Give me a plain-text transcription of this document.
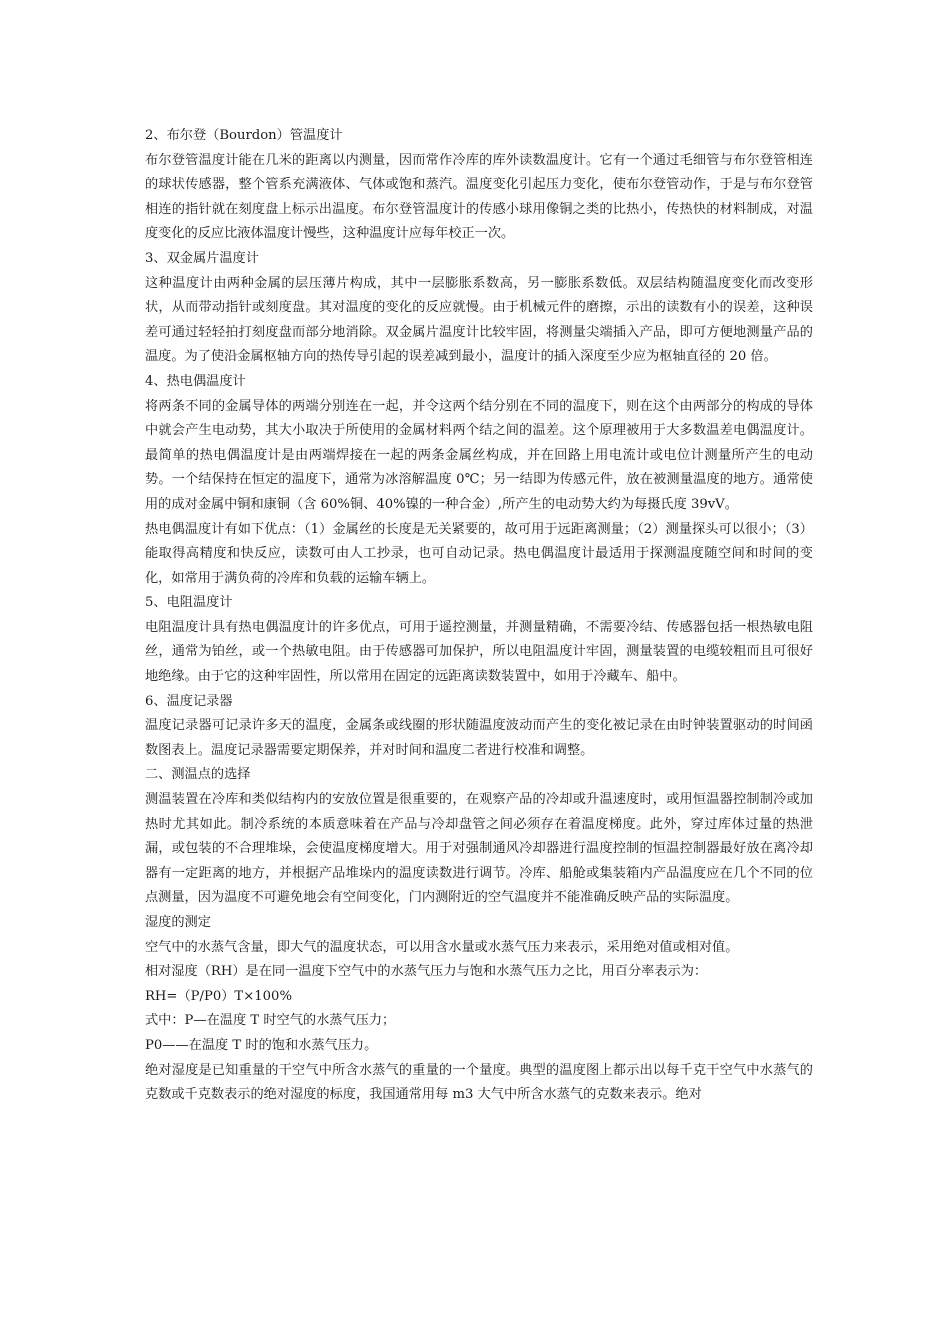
2、布尔登（Bourdon）管温度计

布尔登管温度计能在几米的距离以内测量，因而常作冷库的库外读数温度计。它有一个通过毛细管与布尔登管相连的球状传感器，整个管系充满液体、气体或饱和蒸汽。温度变化引起压力变化，使布尔登管动作，于是与布尔登管相连的指针就在刻度盘上标示出温度。布尔登管温度计的传感小球用像铜之类的比热小，传热快的材料制成，对温度变化的反应比液体温度计慢些，这种温度计应每年校正一次。

3、双金属片温度计

这种温度计由两种金属的层压薄片构成，其中一层膨胀系数高，另一膨胀系数低。双层结构随温度变化而改变形状，从而带动指针或刻度盘。其对温度的变化的反应就慢。由于机械元件的磨擦，示出的读数有小的误差，这种误差可通过轻轻拍打刻度盘而部分地消除。双金属片温度计比较牢固，将测量尖端插入产品，即可方便地测量产品的温度。为了使沿金属枢轴方向的热传导引起的误差减到最小，温度计的插入深度至少应为枢轴直径的 20 倍。

4、热电偶温度计

将两条不同的金属导体的两端分别连在一起，并令这两个结分别在不同的温度下，则在这个由两部分的构成的导体中就会产生电动势，其大小取决于所使用的金属材料两个结之间的温差。这个原理被用于大多数温差电偶温度计。最简单的热电偶温度计是由两端焊接在一起的两条金属丝构成，并在回路上用电流计或电位计测量所产生的电动势。一个结保持在恒定的温度下，通常为冰溶解温度 0℃；另一结即为传感元件，放在被测量温度的地方。通常使用的成对金属中铜和康铜（含 60%铜、40%镍的一种合金）,所产生的电动势大约为每摄氏度 39vV。

热电偶温度计有如下优点：（1）金属丝的长度是无关紧要的，故可用于远距离测量；（2）测量探头可以很小；（3）能取得高精度和快反应，读数可由人工抄录，也可自动记录。热电偶温度计最适用于探测温度随空间和时间的变化，如常用于满负荷的冷库和负载的运输车辆上。

5、电阻温度计

电阻温度计具有热电偶温度计的许多优点，可用于遥控测量，并测量精确，不需要冷结、传感器包括一根热敏电阻丝，通常为铂丝，或一个热敏电阻。由于传感器可加保护，所以电阻温度计牢固，测量装置的电缆较粗而且可很好地绝缘。由于它的这种牢固性，所以常用在固定的远距离读数装置中，如用于冷藏车、船中。

6、温度记录器

温度记录器可记录许多天的温度，金属条或线圈的形状随温度波动而产生的变化被记录在由时钟装置驱动的时间函数图表上。温度记录器需要定期保养，并对时间和温度二者进行校准和调整。

二、测温点的选择

测温装置在冷库和类似结构内的安放位置是很重要的，在观察产品的冷却或升温速度时，或用恒温器控制制冷或加热时尤其如此。制冷系统的本质意味着在产品与冷却盘管之间必须存在着温度梯度。此外，穿过库体过量的热泄漏，或包装的不合理堆垛，会使温度梯度增大。用于对强制通风冷却器进行温度控制的恒温控制器最好放在离冷却器有一定距离的地方，并根据产品堆垛内的温度读数进行调节。冷库、船舱或集装箱内产品温度应在几个不同的位点测量，因为温度不可避免地会有空间变化，门内测附近的空气温度并不能准确反映产品的实际温度。

湿度的测定

空气中的水蒸气含量，即大气的温度状态，可以用含水量或水蒸气压力来表示，采用绝对值或相对值。

相对湿度（RH）是在同一温度下空气中的水蒸气压力与饱和水蒸气压力之比，用百分率表示为：

RH=（P/P0）T×100%

式中：P—在温度 T 时空气的水蒸气压力；

P0——在温度 T 时的饱和水蒸气压力。

绝对湿度是已知重量的干空气中所含水蒸气的重量的一个量度。典型的温度图上都示出以每千克干空气中水蒸气的克数或千克数表示的绝对湿度的标度，我国通常用每 m3 大气中所含水蒸气的克数来表示。绝对
